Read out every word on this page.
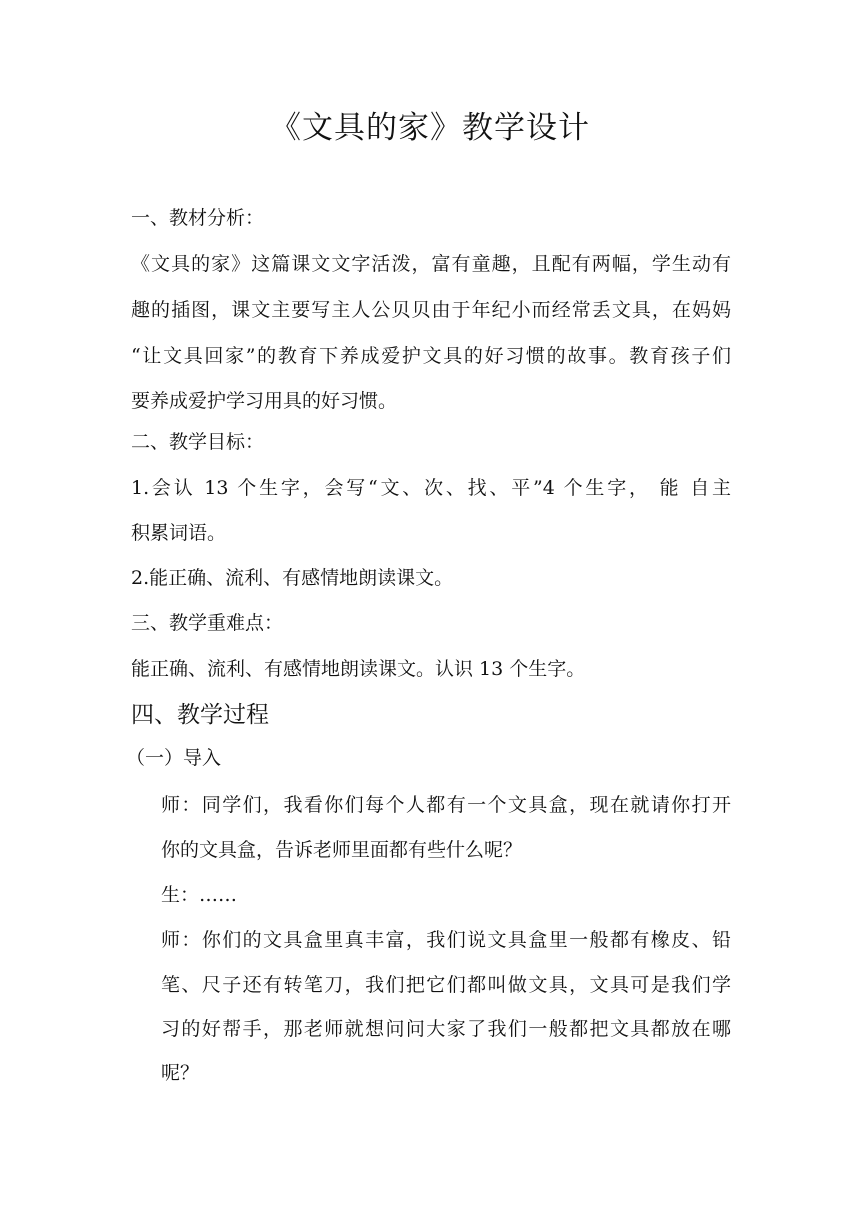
《文具的家》教学设计
一、教材分析：
《文具的家》这篇课文文字活泼，富有童趣，且配有两幅，学生动有
趣的插图，课文主要写主人公贝贝由于年纪小而经常丢文具，在妈妈
“让文具回家”的教育下养成爱护文具的好习惯的故事。教育孩子们
要养成爱护学习用具的好习惯。
二、教学目标：
1.会认 13 个生字，会写“文、次、找、平”4 个生字， 能 自主
积累词语。
2.能正确、流利、有感情地朗读课文。
三、教学重难点：
能正确、流利、有感情地朗读课文。认识 13 个生字。
四、教学过程
（一）导入
师：同学们，我看你们每个人都有一个文具盒，现在就请你打开
你的文具盒，告诉老师里面都有些什么呢？
生：……
师：你们的文具盒里真丰富，我们说文具盒里一般都有橡皮、铅
笔、尺子还有转笔刀，我们把它们都叫做文具，文具可是我们学
习的好帮手，那老师就想问问大家了我们一般都把文具都放在哪
呢？
